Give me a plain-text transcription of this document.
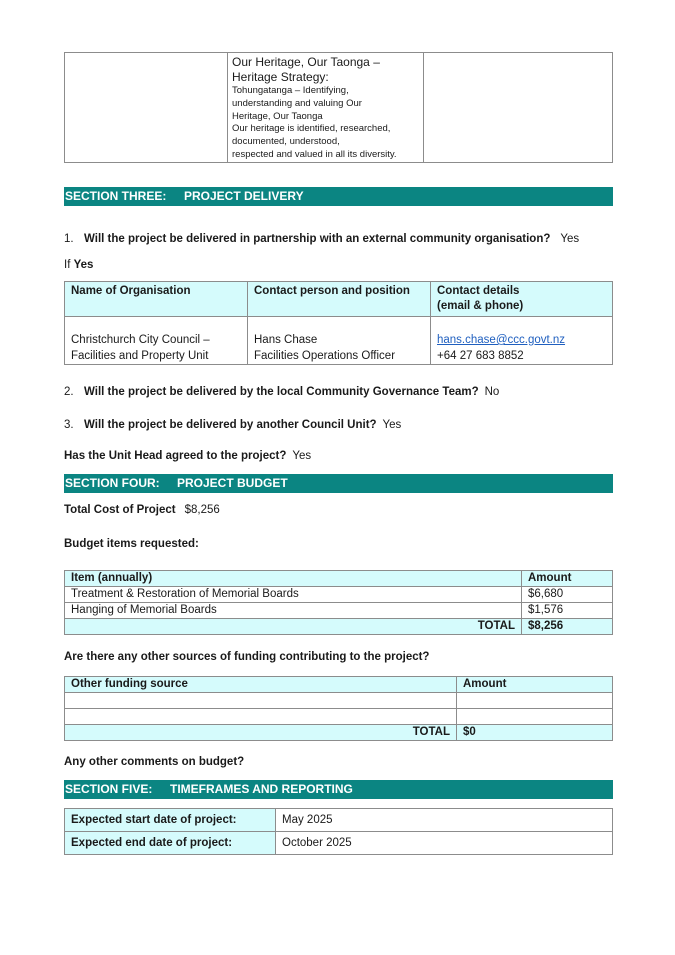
Our Heritage, Our Taonga –
Heritage Strategy:
Tohungatanga – Identifying,
understanding and valuing Our
Heritage, Our Taonga
Our heritage is identified, researched,
documented, understood,
respected and valued in all its diversity.

SECTION THREE:	PROJECT DELIVERY
1. Will the project be delivered in partnership with an external community organisation? Yes
If Yes
Name of Organisation	Contact person and position	Contact details
(email & phone)

Christchurch City Council –
Facilities and Property Unit

Hans Chase
Facilities Operations Officer

hans.chase@ccc.govt.nz
+64 27 683 8852
2. Will the project be delivered by the local Community Governance Team? No
3. Will the project be delivered by another Council Unit? Yes
Has the Unit Head agreed to the project? Yes
SECTION FOUR:	PROJECT BUDGET
Total Cost of Project $8,256
Budget items requested:
Item (annually)	Amount
Treatment & Restoration of Memorial Boards	$6,680
Hanging of Memorial Boards	$1,576
TOTAL	$8,256
Are there any other sources of funding contributing to the project?
Other funding source	Amount

TOTAL	$0
Any other comments on budget?
SECTION FIVE:	TIMEFRAMES AND REPORTING
Expected start date of project:	May 2025
Expected end date of project:	October 2025
